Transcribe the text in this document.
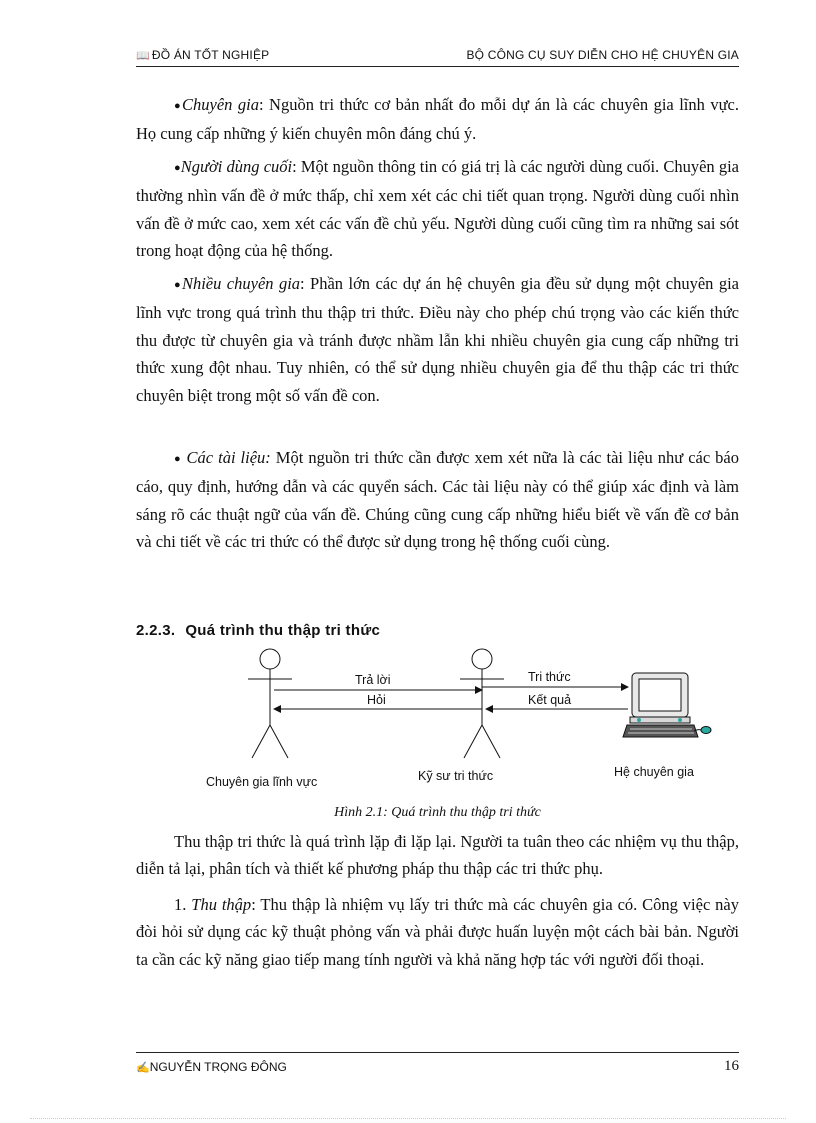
📖 ĐỒ ÁN TỐT NGHIỆP	BỘ CÔNG CỤ SUY DIỄN CHO HỆ CHUYÊN GIA

●Chuyên gia: Nguồn tri thức cơ bản nhất đo mỗi dự án là các chuyên gia lĩnh vực. Họ cung cấp những ý kiến chuyên môn đáng chú ý.

●Người dùng cuối: Một nguồn thông tin có giá trị là các người dùng cuối. Chuyên gia thường nhìn vấn đề ở mức thấp, chỉ xem xét các chi tiết quan trọng. Người dùng cuối nhìn vấn đề ở mức cao, xem xét các vấn đề chủ yếu. Người dùng cuối cũng tìm ra những sai sót trong hoạt động của hệ thống.

●Nhiều chuyên gia: Phần lớn các dự án hệ chuyên gia đều sử dụng một chuyên gia lĩnh vực trong quá trình thu thập tri thức. Điều này cho phép chú trọng vào các kiến thức thu được từ chuyên gia và tránh được nhầm lẫn khi nhiều chuyên gia cung cấp những tri thức xung đột nhau. Tuy nhiên, có thể sử dụng nhiều chuyên gia để thu thập các tri thức chuyên biệt trong một số vấn đề con.

● Các tài liệu: Một nguồn tri thức cần được xem xét nữa là các tài liệu như các báo cáo, quy định, hướng dẫn và các quyển sách. Các tài liệu này có thể giúp xác định và làm sáng rõ các thuật ngữ của vấn đề. Chúng cũng cung cấp những hiểu biết về vấn đề cơ bản và chi tiết về các tri thức có thể được sử dụng trong hệ thống cuối cùng.

2.2.3. Quá trình thu thập tri thức
Trả lời
Hỏi
Tri thức
Kết quả
Chuyên gia lĩnh vực	Kỹ sư tri thức	Hệ chuyên gia
Hình 2.1: Quá trình thu thập tri thức

Thu thập tri thức là quá trình lặp đi lặp lại. Người ta tuân theo các nhiệm vụ thu thập, diễn tả lại, phân tích và thiết kế phương pháp thu thập các tri thức phụ.

1. Thu thập: Thu thập là nhiệm vụ lấy tri thức mà các chuyên gia có. Công việc này đòi hỏi sử dụng các kỹ thuật phỏng vấn và phải được huấn luyện một cách bài bản. Người ta cần các kỹ năng giao tiếp mang tính người và khả năng hợp tác với người đối thoại.

✍NGUYỄN TRỌNG ĐÔNG	16
